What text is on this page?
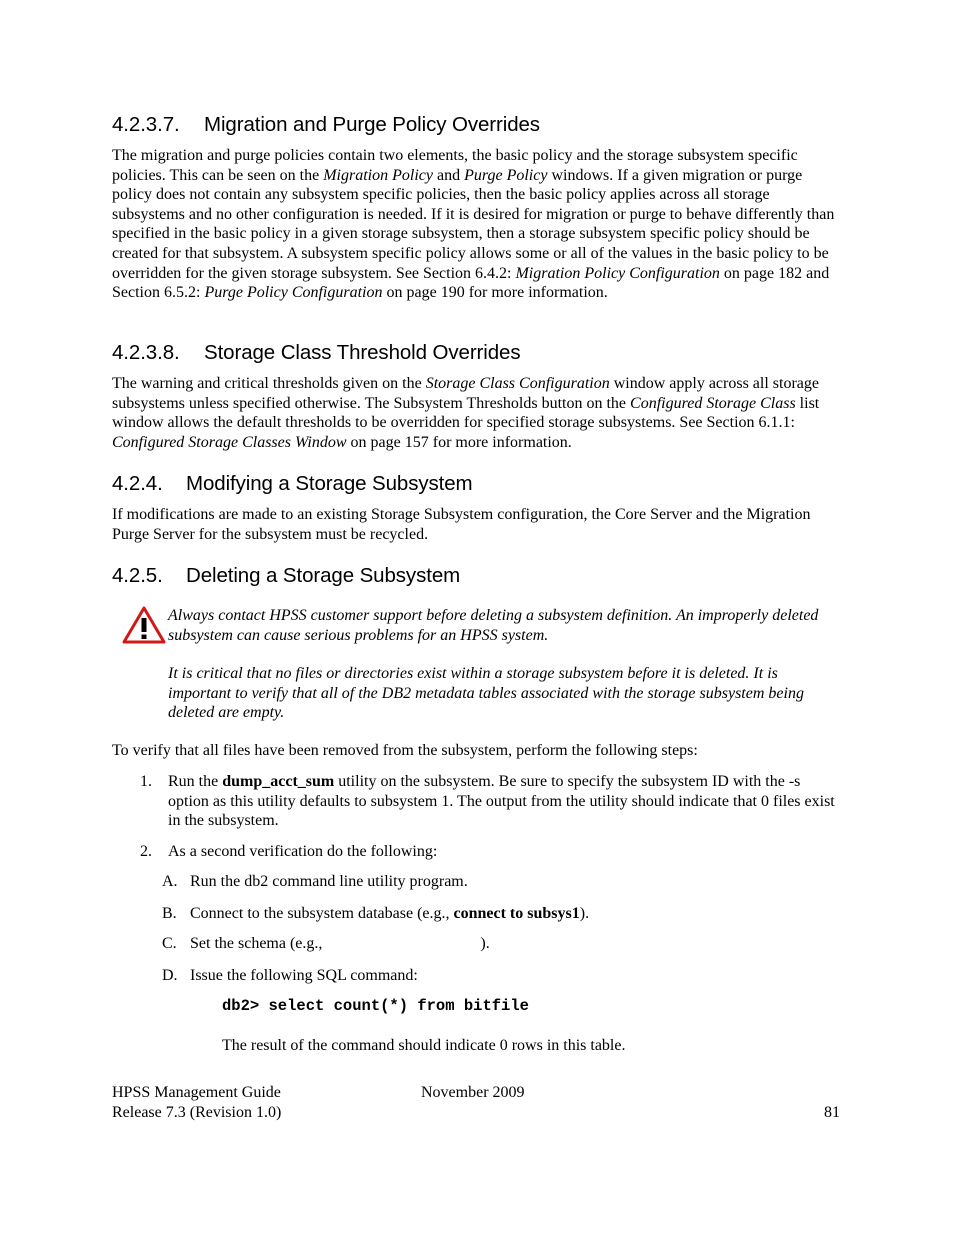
4.2.3.7. Migration and Purge Policy Overrides

The migration and purge policies contain two elements, the basic policy and the storage subsystem specific policies. This can be seen on the Migration Policy and Purge Policy windows. If a given migration or purge policy does not contain any subsystem specific policies, then the basic policy applies across all storage subsystems and no other configuration is needed. If it is desired for migration or purge to behave differently than specified in the basic policy in a given storage subsystem, then a storage subsystem specific policy should be created for that subsystem. A subsystem specific policy allows some or all of the values in the basic policy to be overridden for the given storage subsystem. See Section 6.4.2: Migration Policy Configuration on page 182 and Section 6.5.2: Purge Policy Configuration on page 190 for more information.

4.2.3.8. Storage Class Threshold Overrides

The warning and critical thresholds given on the Storage Class Configuration window apply across all storage subsystems unless specified otherwise. The Subsystem Thresholds button on the Configured Storage Class list window allows the default thresholds to be overridden for specified storage subsystems. See Section 6.1.1: Configured Storage Classes Window on page 157 for more information.

4.2.4. Modifying a Storage Subsystem

If modifications are made to an existing Storage Subsystem configuration, the Core Server and the Migration Purge Server for the subsystem must be recycled.

4.2.5. Deleting a Storage Subsystem

Always contact HPSS customer support before deleting a subsystem definition. An improperly deleted subsystem can cause serious problems for an HPSS system.

It is critical that no files or directories exist within a storage subsystem before it is deleted. It is important to verify that all of the DB2 metadata tables associated with the storage subsystem being deleted are empty.

To verify that all files have been removed from the subsystem, perform the following steps:

1. Run the dump_acct_sum utility on the subsystem. Be sure to specify the subsystem ID with the -s option as this utility defaults to subsystem 1. The output from the utility should indicate that 0 files exist in the subsystem.

2. As a second verification do the following:

A. Run the db2 command line utility program.

B. Connect to the subsystem database (e.g., connect to subsys1).

C. Set the schema (e.g.,	).

D. Issue the following SQL command:

db2> select count(*) from bitfile

The result of the command should indicate 0 rows in this table.

HPSS Management Guide	November 2009
Release 7.3 (Revision 1.0)	81
